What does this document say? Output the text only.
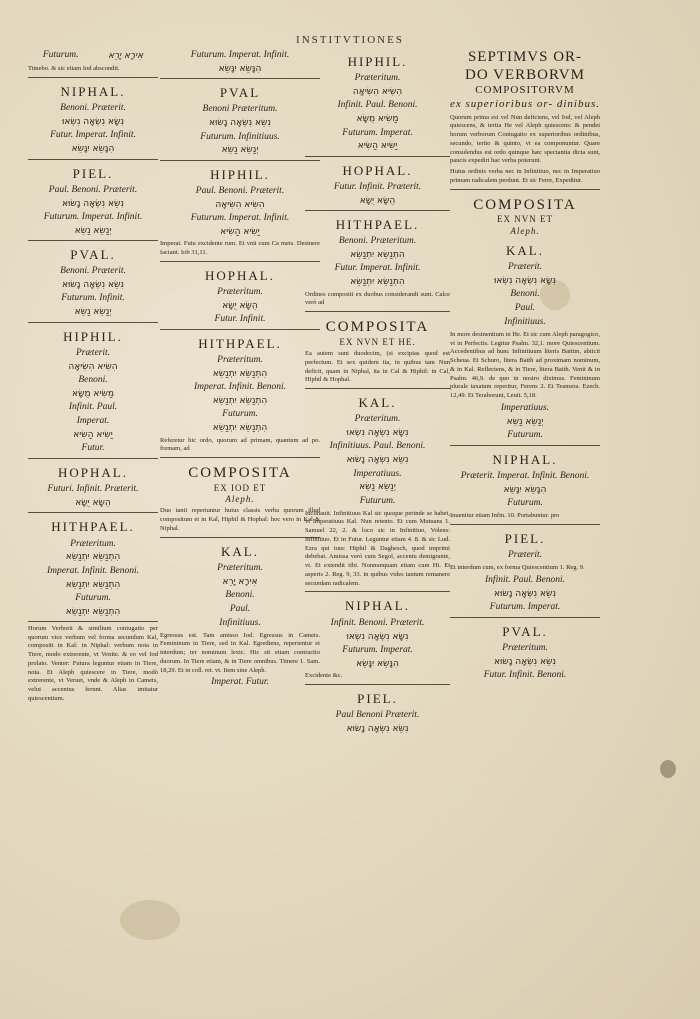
INSTITVTIONES
Futurum.	אִירָא יָרֵא
Timebo. & sic etiam Iod abscondit.
NIPHAL.
Benoni. Præterit.
נִשָּׂא נִשְׂאָה נִשְׂאוּ
Futur. Imperat. Infinit.
הִנָּשֵׂא יִנָּשֵׂא
PIEL.
Paul. Benoni. Præterit.
נִשֵּׂא נִשְּׂאָה נָשׂוּא
Futurum. Imperat. Infinit.
יְנַשֵּׂא נַשֵּׂא
PVAL.
Benoni. Præterit.
נִשֵּׂא נִשְּׂאָה נָשׂוּא
Futurum. Infinit.
יְנַשֵּׂא נַשֵּׂא
HIPHIL.
Præterit.
הִשִּׂיא הִשִּׂיאָה
Benoni.
מַשִּׂיא מֻשָּׂא
Infinit. Paul.
Imperat.
יַשִּׂיא הַשִּׂיא
Futur.
HOPHAL.
Futuri. Infinit. Præterit.
הֻשָּׂא יֻשָּׂא
HITHPAEL.
Præteritum.
הִתְנַשֵּׂא יִתְנַשֵּׂא
Imperat. Infinit. Benoni.
הִתְנַשֵּׂא יִתְנַשֵּׂא
Futurum.
הִתְנַשֵּׂא יִתְנַשֵּׂא
Horum Verborū & similium coniugatio per quorum vice verbum vel forma secundum Kal, compositi in Kal: in Niphal: verbum nota in Tiere, modo extrerente, vt Venite. & eo vel Iod prolato. Venter: Futura leguntur etiam in Tiere, nota. Et Aleph quiescere in Tiere, modò extrerente, vt Veruet, vnde & Aleph in Camets, velut accentus ferunt. Alias imitatur quiescentium.
Futurum. Imperat. Infinit.
הִנָּשֵׂא יִנָּשֵׂא
PVAL
Benoni Præteritum.
נִשֵּׂא נִשְּׂאָה נָשׂוּא
Futurum. Infinitiuus.
יְנַשֵּׂא נַשֵּׂא
HIPHIL.
Paul. Benoni. Præterit.
הִשִּׂיא הִשִּׂיאָה
Futurum. Imperat. Infinit.
יַשִּׂיא הַשִּׂיא
Imperat. Futu excidente rum. Et vnū cum Ca mets. Desinere faciant. Iob 31,11.
HOPHAL.
Præteritum.
הֻשָּׂא יֻשָּׂא
Futur. Infinit.
HITHPAEL.
Præteritum.
הִתְנַשֵּׂא יִתְנַשֵּׂא
Imperat. Infinit. Benoni.
הִתְנַשֵּׂא יִתְנַשֵּׂא
Futurum.
הִתְנַשֵּׂא יִתְנַשֵּׂא
Referetur hic ordo, quorum ad primam, quantum ad po. fremam, ad
COMPOSITA
EX IOD ET
Aleph.
Duo tanti reperiuntur huius classis verba quorum illud compositum et in Kal, Hiphil & Hophal: hoc vero in Kal & Niphal.
KAL.
Præteritum.
אִירָא יָרֵא
Benoni.
Paul.
Infinitiuus.
Egressus est. Tam amisso Iod. Egressus in Camets. Femininum in Tiere, sed in Kal. Egrediens, reperientur et interdum; ter nominum lexic. Hic sit etiam contractio duorum. In Tiere etiam, & in Tiere omnibus. Timere 1. Sam. 18,29. Et in coll. ret. vt. Item sine Aleph.
Imperat. Futur.
HIPHIL.
Præteritum.
הִשִּׂיא הִשִּׂיאָה
Infinit. Paul. Benoni.
מַשִּׂיא מֻשָּׂא
Futurum. Imperat.
יַשִּׂיא הַשִּׂיא
HOPHAL.
Futur. Infinit. Præterit.
הֻשָּׂא יֻשָּׂא
HITHPAEL.
Benoni. Præteritum.
הִתְנַשֵּׂא יִתְנַשֵּׂא
Futur. Imperat. Infinit.
הִתְנַשֵּׂא יִתְנַשֵּׂא
Ordines compositi ex duobus considerandi sunt. Calce verò ad
COMPOSITA
EX NVN ET HE.
Ea autem sunt duodecim, (si excipias quod est perfectum. Et sex quidem ita, in quibus tam Nun deficit, quam in Niphal, ita in Cal & Hiphil: in Cal, Hiphil & Hophal.
KAL.
Præteritum.
נִשָּׂא נִשְׂאָה נִשְׂאוּ
Infinitiuus. Paul. Benoni.
נִשֵּׂא נִשְּׂאָה נָשׂוּא
Imperatiuus.
יְנַשֵּׂא נַשֵּׂא
Futurum.
Inclinauit. Infinitiuus Kal sic quoque perinde se habet, vt Imperatiuus Kal. Nun retento. Et cum Mutuans 1. Samuel 22, 2. & loco sic in Infinitiuo, Volens: Infinitiuo. Et in Futur. Leguntur etiam 4. 8. & sic Lud. Ezra qui tunc Hiphil & Daghesch, quod imprimi debebat. Amissa verò cum Segol, accentu demigrante, vt. Et extendit tibi. Nonnunquam etiam cum Hi. Et asperis 2. Reg. 9, 33. in quibus vides tantum remanere secundam radicalem.
NIPHAL.
Infinit. Benoni. Præterit.
נִשָּׂא נִשְׂאָה נִשְׂאוּ
Futurum. Imperat.
הִנָּשֵׂא יִנָּשֵׂא
Excidente &c.
PIEL.
Paul Benoni Præterit.
נִשֵּׂא נִשְּׂאָה נָשׂוּא
SEPTIMVS OR-
DO VERBORVM
COMPOSITORVM
ex superioribus or- dinibus.
Quorum prima est vel Nun deficiens, vel Iod, vel Aleph quiescens, & tertia He vel Aleph quiescens: & pendet horum verborum Coniugatio ex superioribus ordinibus, secundo, tertio & quinto, vt ea componuntur. Quare consulendus est ordo quinque hæc spectantia dicta sunt, paucis expediri hac verba poterunt.
Huius ordinis verba nec in Infinitiuo, nec in Imperatiuo primam radicalem perdunt. Et sic Ferre, Expeditur.
COMPOSITA
EX NVN ET
Aleph.
KAL.
Præterit.
נִשָּׂא נִשְׂאָה נִשְׂאוּ
Benoni.
Paul.
Infinitiuus.
In more desinentium in He. Et sic cum Aleph paragogico, vt in Perfectis. Legitur Psalm. 32,1. more Quiescentium. Accedentibus ad hunc Infinitiuum literis Baitim, abiicit Scheua. Et Schuro, litera Baith ad proximam nominum, & in Kal. Reflectens, & in Tiere, litera Baith. Venit & in Psalm. 46,9. de quo in nostro diximus. Femininum plurale taxatum reperitur, Ferens 2. Et Teamera. Ezech. 12,49. Et Teraborunt, Leuit. 5,18.
Imperatiuus.
יְנַשֵּׂא נַשֵּׂא
Futurum.
NIPHAL.
Præterit. Imperat. Infinit. Benoni.
הִנָּשֵׂא יִנָּשֵׂא
Futurum.
Inuenitur etiam Infin. 10. Portabuntur. pro
PIEL.
Præterit.
Et interdum cum, ex forma Quiescentium 1. Reg. 9.
Infinit. Paul. Benoni.
נִשֵּׂא נִשְּׂאָה נָשׂוּא
Futurum. Imperat.
PVAL.
Præteritum.
נִשֵּׂא נִשְּׂאָה נָשׂוּא
Futur. Infinit. Benoni.
